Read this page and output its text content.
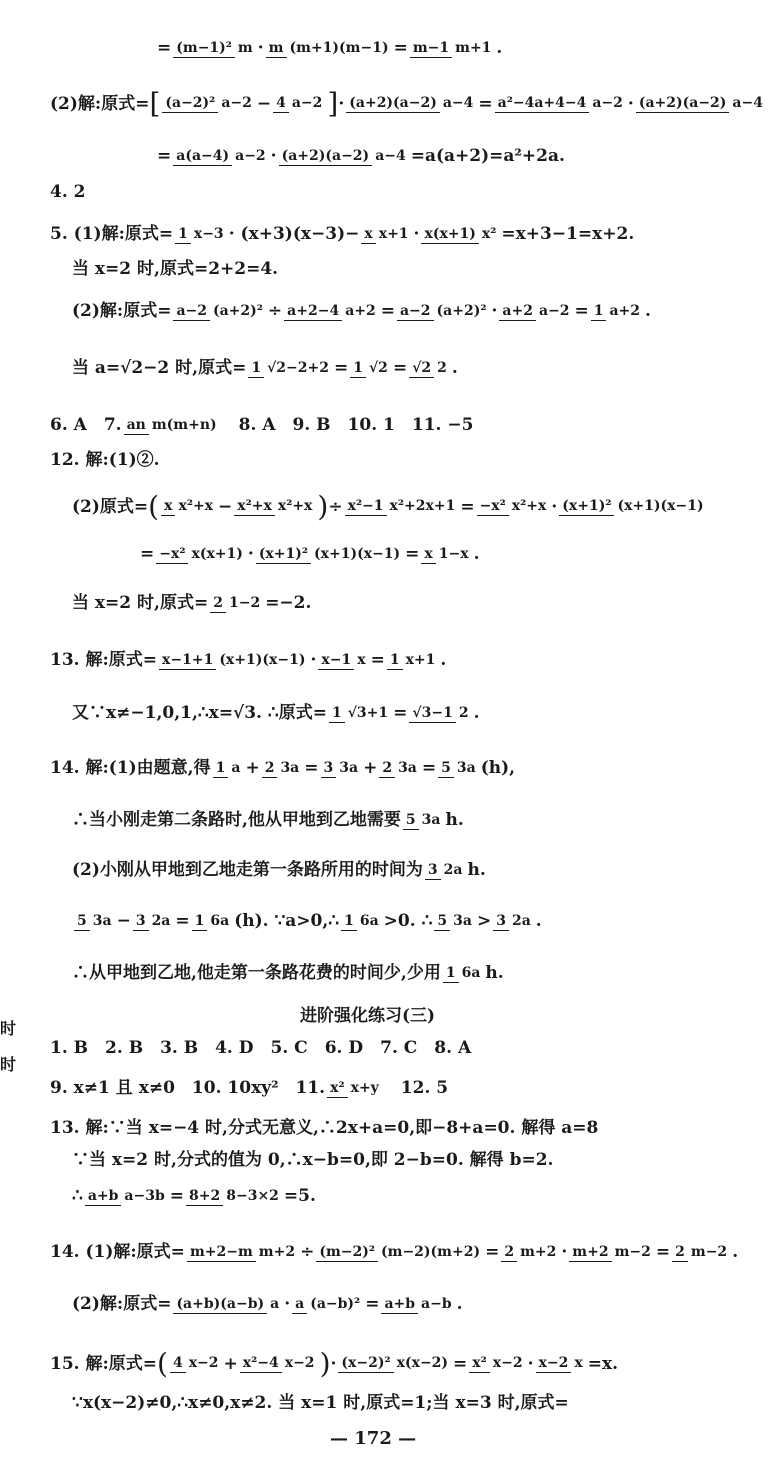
= (m−1)² m · m (m+1)(m−1) = m−1 m+1 .
(2)解:原式= [ (a−2)² a−2 − 4 a−2 ] · (a+2)(a−2) a−4 = a²−4a+4−4 a−2 · (a+2)(a−2) a−4
= a(a−4) a−2 · (a+2)(a−2) a−4 =a(a+2)=a²+2a.
4. 2
5. (1)解:原式= 1 x−3 · (x+3)(x−3)− x x+1 · x(x+1) x² =x+3−1=x+2.
当 x=2 时,原式=2+2=4.
(2)解:原式= a−2 (a+2)² ÷ a+2−4 a+2 = a−2 (a+2)² · a+2 a−2 = 1 a+2 .
当 a=√2−2 时,原式= 1 √2−2+2 = 1 √2 = √2 2 .
6. A　7. an m(m+n) 　8. A　9. B　10. 1　11. −5
12. 解:(1)②.
(2)原式= ( x x²+x − x²+x x²+x ) ÷ x²−1 x²+2x+1 = −x² x²+x · (x+1)² (x+1)(x−1)
= −x² x(x+1) · (x+1)² (x+1)(x−1) = x 1−x .
当 x=2 时,原式= 2 1−2 =−2.
13. 解:原式= x−1+1 (x+1)(x−1) · x−1 x = 1 x+1 .
又∵x≠−1,0,1,∴x=√3. ∴原式= 1 √3+1 = √3−1 2 .
14. 解:(1)由题意,得 1 a + 2 3a = 3 3a + 2 3a = 5 3a (h),
∴当小刚走第二条路时,他从甲地到乙地需要 5 3a h.
(2)小刚从甲地到乙地走第一条路所用的时间为 3 2a h.
5 3a − 3 2a = 1 6a (h). ∵a>0,∴ 1 6a >0. ∴ 5 3a > 3 2a .
∴从甲地到乙地,他走第一条路花费的时间少,少用 1 6a h.
进阶强化练习(三)
时
时
1. B　2. B　3. B　4. D　5. C　6. D　7. C　8. A
9. x≠1 且 x≠0　10. 10xy²　11. x² x+y 　12. 5
13. 解:∵当 x=−4 时,分式无意义,∴2x+a=0,即−8+a=0. 解得 a=8
∵当 x=2 时,分式的值为 0,∴x−b=0,即 2−b=0. 解得 b=2.
∴ a+b a−3b = 8+2 8−3×2 =5.
14. (1)解:原式= m+2−m m+2 ÷ (m−2)² (m−2)(m+2) = 2 m+2 · m+2 m−2 = 2 m−2 .
(2)解:原式= (a+b)(a−b) a · a (a−b)² = a+b a−b .
15. 解:原式= ( 4 x−2 + x²−4 x−2 ) · (x−2)² x(x−2) = x² x−2 · x−2 x =x.
∵x(x−2)≠0,∴x≠0,x≠2. 当 x=1 时,原式=1;当 x=3 时,原式=
— 172 —
